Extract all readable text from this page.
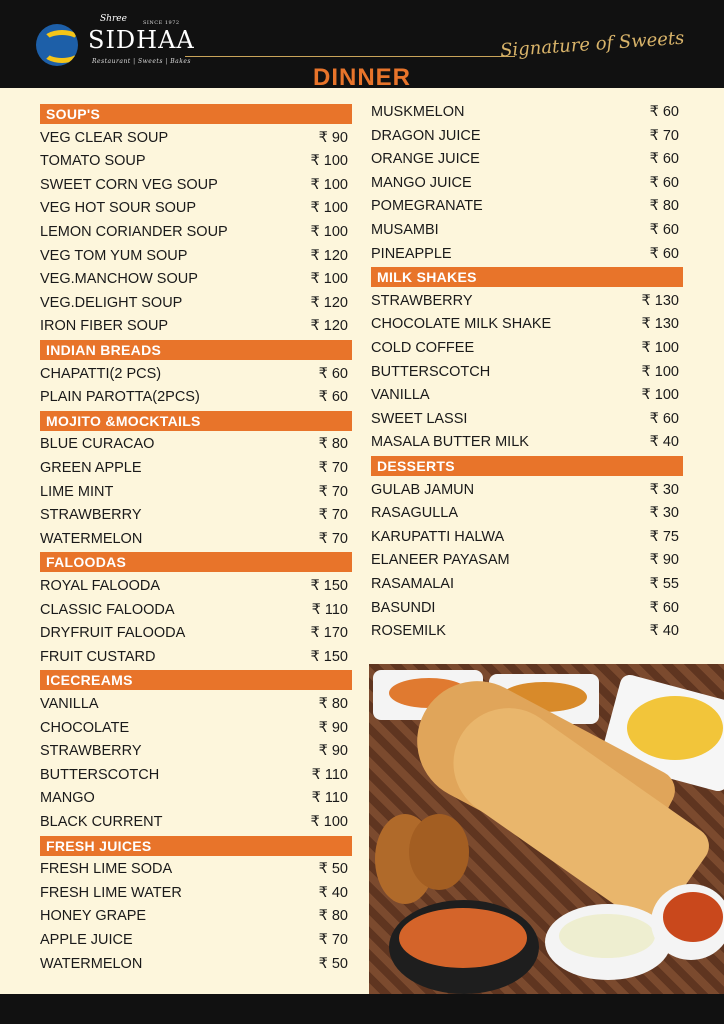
Shree	SINCE 1972
SIDHAA
Restaurant | Sweets | Bakes
Signature of Sweets
DINNER
SOUP'S
VEG CLEAR SOUP	₹ 90
TOMATO SOUP	₹ 100
SWEET CORN VEG SOUP	₹ 100
VEG HOT SOUR SOUP	₹ 100
LEMON CORIANDER SOUP	₹ 100
VEG TOM YUM SOUP	₹ 120
VEG.MANCHOW SOUP	₹ 100
VEG.DELIGHT SOUP	₹ 120
IRON FIBER SOUP	₹ 120
INDIAN BREADS
CHAPATTI(2 PCS)	₹ 60
PLAIN PAROTTA(2PCS)	₹ 60
MOJITO &MOCKTAILS
BLUE CURACAO	₹ 80
GREEN APPLE	₹ 70
LIME MINT	₹ 70
STRAWBERRY	₹ 70
WATERMELON	₹ 70
FALOODAS
ROYAL FALOODA	₹ 150
CLASSIC FALOODA	₹ 110
DRYFRUIT FALOODA	₹ 170
FRUIT CUSTARD	₹ 150
ICECREAMS
VANILLA	₹ 80
CHOCOLATE	₹ 90
STRAWBERRY	₹ 90
BUTTERSCOTCH	₹ 110
MANGO	₹ 110
BLACK CURRENT	₹ 100
FRESH JUICES
FRESH LIME SODA	₹ 50
FRESH LIME WATER	₹ 40
HONEY GRAPE	₹ 80
APPLE JUICE	₹ 70
WATERMELON	₹ 50
MUSKMELON	₹ 60
DRAGON JUICE	₹ 70
ORANGE JUICE	₹ 60
MANGO JUICE	₹ 60
POMEGRANATE	₹ 80
MUSAMBI	₹ 60
PINEAPPLE	₹ 60
MILK SHAKES
STRAWBERRY	₹ 130
CHOCOLATE MILK SHAKE	₹ 130
COLD COFFEE	₹ 100
BUTTERSCOTCH	₹ 100
VANILLA	₹ 100
SWEET LASSI	₹ 60
MASALA BUTTER MILK	₹ 40
DESSERTS
GULAB JAMUN	₹ 30
RASAGULLA	₹ 30
KARUPATTI HALWA	₹ 75
ELANEER PAYASAM	₹ 90
RASAMALAI	₹ 55
BASUNDI	₹ 60
ROSEMILK	₹ 40
